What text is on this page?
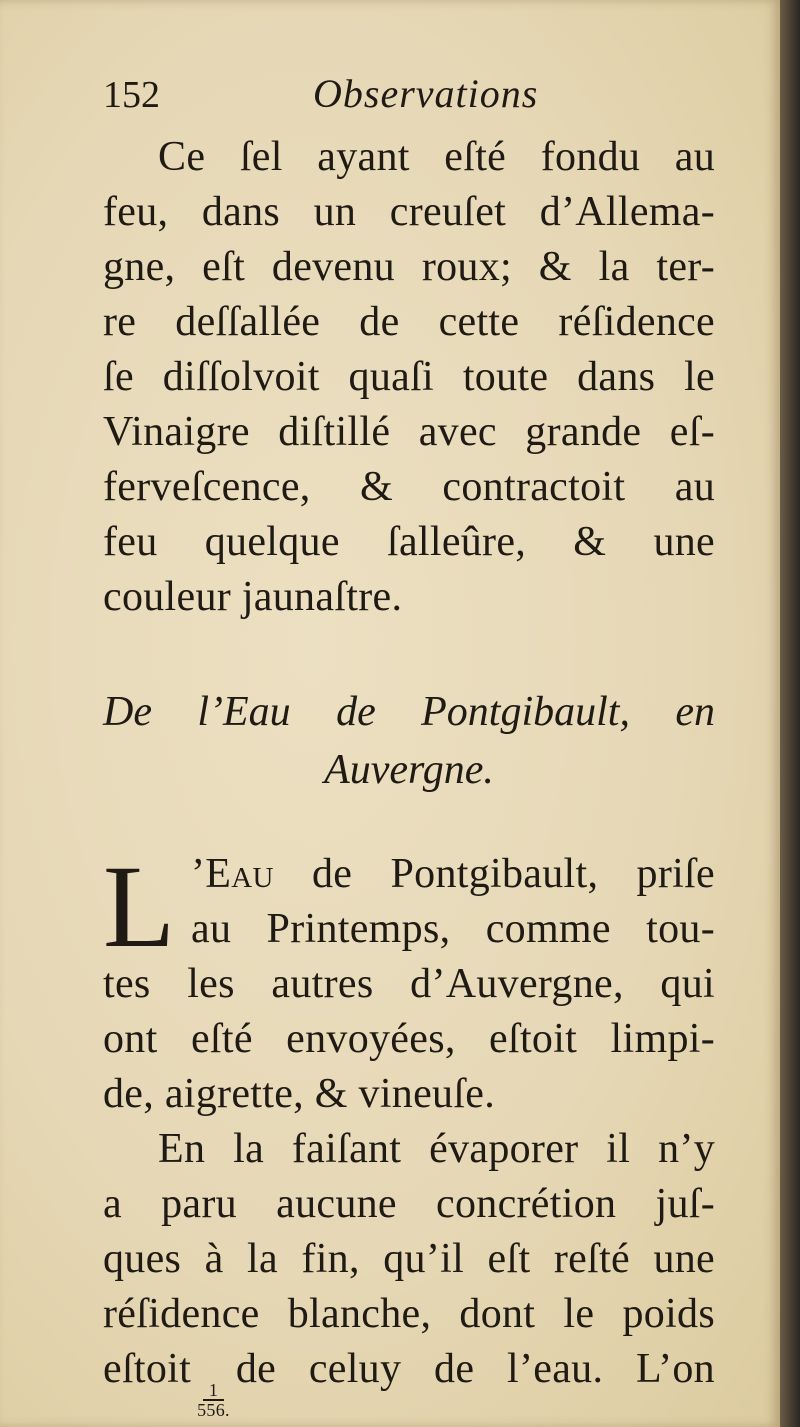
152	Observations
Ce ſel ayant eſté fondu au
feu, dans un creuſet d’Allema-
gne, eſt devenu roux; & la ter-
re deſſallée de cette réſidence
ſe diſſolvoit quaſi toute dans le
Vinaigre diſtillé avec grande eſ-
ferveſcence, & contractoit au
feu quelque ſalleûre, & une
couleur jaunaſtre.
De l’Eau de Pontgibault, en
Auvergne.
L ’Eau de Pontgibault, priſe
au Printemps, comme tou-
tes les autres d’Auvergne, qui
ont eſté envoyées, eſtoit limpi-
de, aigrette, & vineuſe.
En la faiſant évaporer il n’y
a paru aucune concrétion juſ-
ques à la fin, qu’il eſt reſté une
réſidence blanche, dont le poids
eſtoit
$\frac{1}{556.}$
de celuy de l’eau. L’on
